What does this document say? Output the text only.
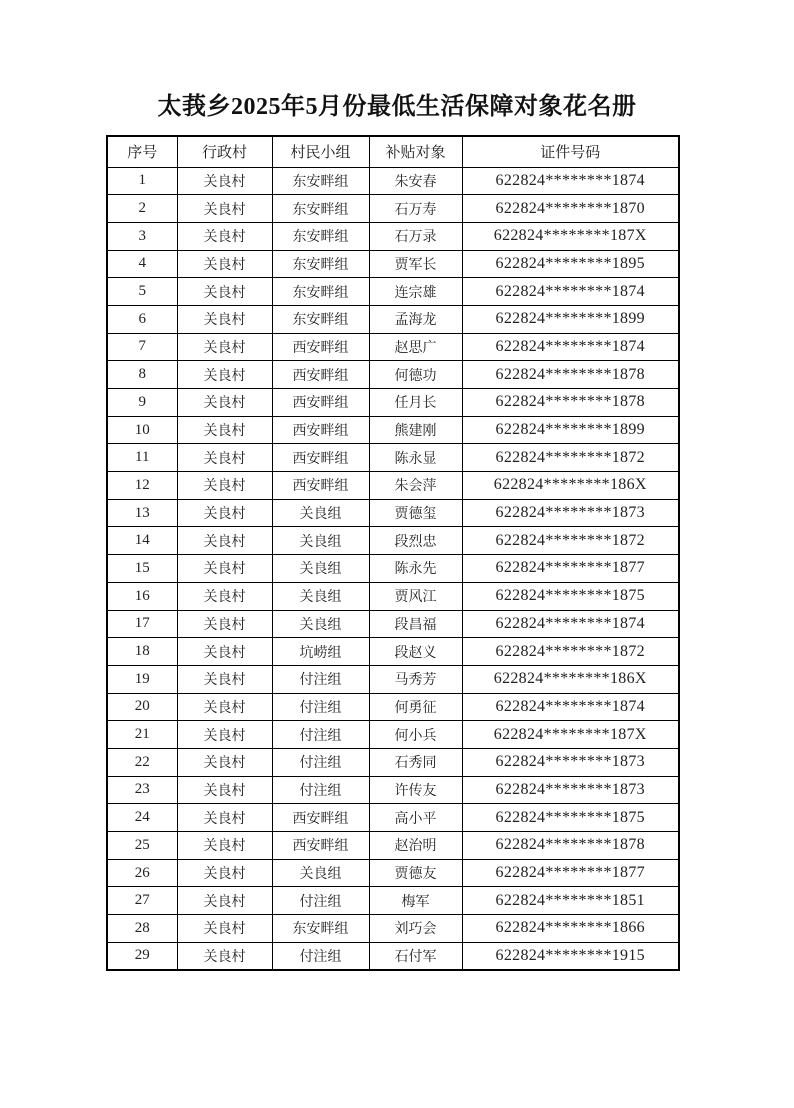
太莪乡2025年5月份最低生活保障对象花名册
序号	行政村	村民小组	补贴对象	证件号码
1	关良村	东安畔组	朱安春	622824********1874
2	关良村	东安畔组	石万寿	622824********1870
3	关良村	东安畔组	石万录	622824********187X
4	关良村	东安畔组	贾军长	622824********1895
5	关良村	东安畔组	连宗雄	622824********1874
6	关良村	东安畔组	孟海龙	622824********1899
7	关良村	西安畔组	赵思广	622824********1874
8	关良村	西安畔组	何德功	622824********1878
9	关良村	西安畔组	任月长	622824********1878
10	关良村	西安畔组	熊建刚	622824********1899
11	关良村	西安畔组	陈永显	622824********1872
12	关良村	西安畔组	朱会萍	622824********186X
13	关良村	关良组	贾德玺	622824********1873
14	关良村	关良组	段烈忠	622824********1872
15	关良村	关良组	陈永先	622824********1877
16	关良村	关良组	贾风江	622824********1875
17	关良村	关良组	段昌福	622824********1874
18	关良村	坑崂组	段赵义	622824********1872
19	关良村	付注组	马秀芳	622824********186X
20	关良村	付注组	何勇征	622824********1874
21	关良村	付注组	何小兵	622824********187X
22	关良村	付注组	石秀同	622824********1873
23	关良村	付注组	许传友	622824********1873
24	关良村	西安畔组	高小平	622824********1875
25	关良村	西安畔组	赵治明	622824********1878
26	关良村	关良组	贾德友	622824********1877
27	关良村	付注组	梅军	622824********1851
28	关良村	东安畔组	刘巧会	622824********1866
29	关良村	付注组	石付军	622824********1915
